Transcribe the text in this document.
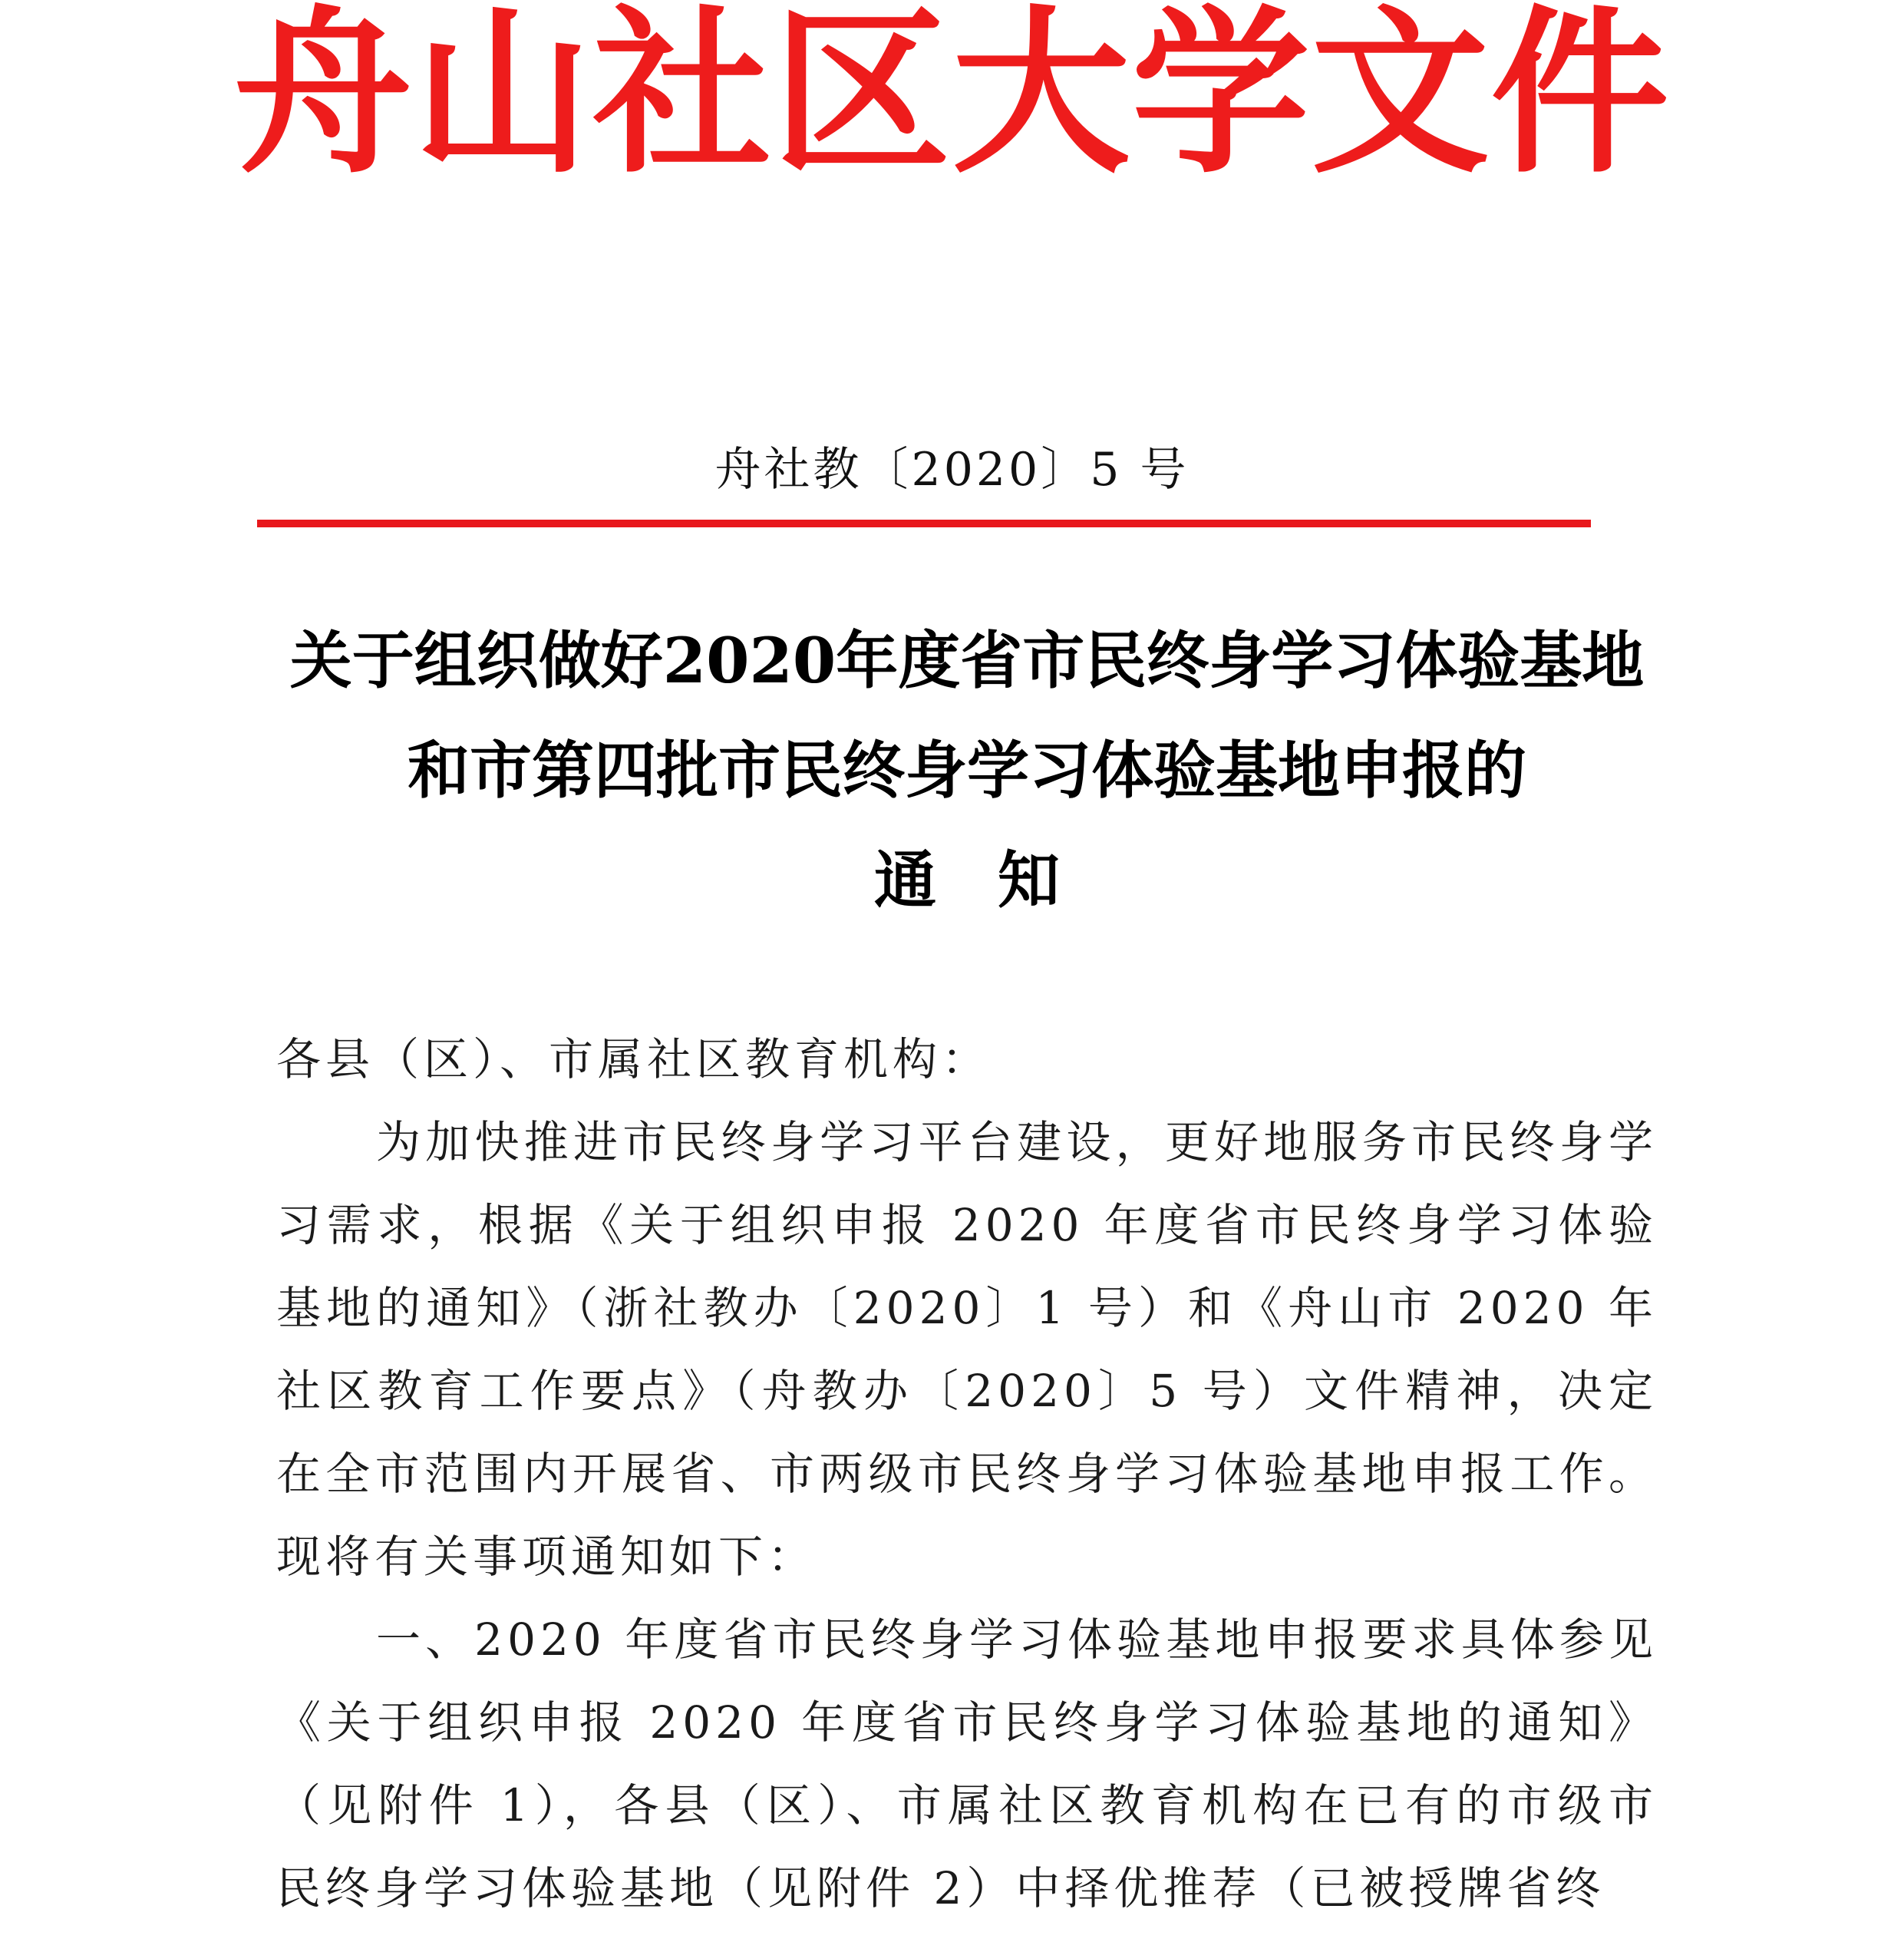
舟山社区大学文件
舟社教〔2020〕5 号
关于组织做好2020年度省市民终身学习体验基地
和市第四批市民终身学习体验基地申报的
通知

各县（区）、市属社区教育机构：

为加快推进市民终身学习平台建设，更好地服务市民终身学习需求，根据《关于组织申报 2020 年度省市民终身学习体验基地的通知》（浙社教办〔2020〕1 号）和《舟山市 2020 年社区教育工作要点》（舟教办〔2020〕5 号）文件精神，决定在全市范围内开展省、市两级市民终身学习体验基地申报工作。现将有关事项通知如下：

一、2020 年度省市民终身学习体验基地申报要求具体参见《关于组织申报 2020 年度省市民终身学习体验基地的通知》（见附件 1），各县（区）、市属社区教育机构在已有的市级市民终身学习体验基地（见附件 2）中择优推荐（已被授牌省终
